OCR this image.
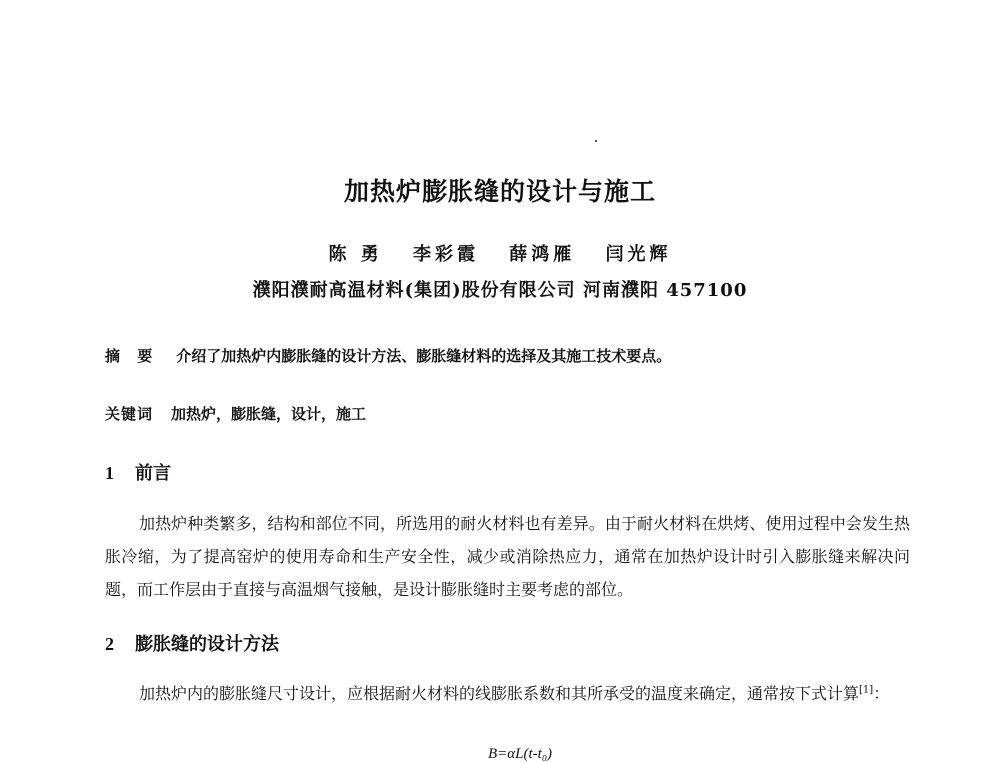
加热炉膨胀缝的设计与施工
陈 勇 李彩霞 薛鸿雁 闫光辉
濮阳濮耐高温材料(集团)股份有限公司 河南濮阳 457100
摘 要 介绍了加热炉内膨胀缝的设计方法、膨胀缝材料的选择及其施工技术要点。
关键词 加热炉，膨胀缝，设计，施工
1 前言
加热炉种类繁多，结构和部位不同，所选用的耐火材料也有差异。由于耐火材料在烘烤、使用过程中会发生热胀冷缩，为了提高窑炉的使用寿命和生产安全性，减少或消除热应力，通常在加热炉设计时引入膨胀缝来解决问题，而工作层由于直接与高温烟气接触，是设计膨胀缝时主要考虑的部位。
2 膨胀缝的设计方法
加热炉内的膨胀缝尺寸设计，应根据耐火材料的线膨胀系数和其所承受的温度来确定，通常按下式计算[1]：
B=αL(t-t₀)
